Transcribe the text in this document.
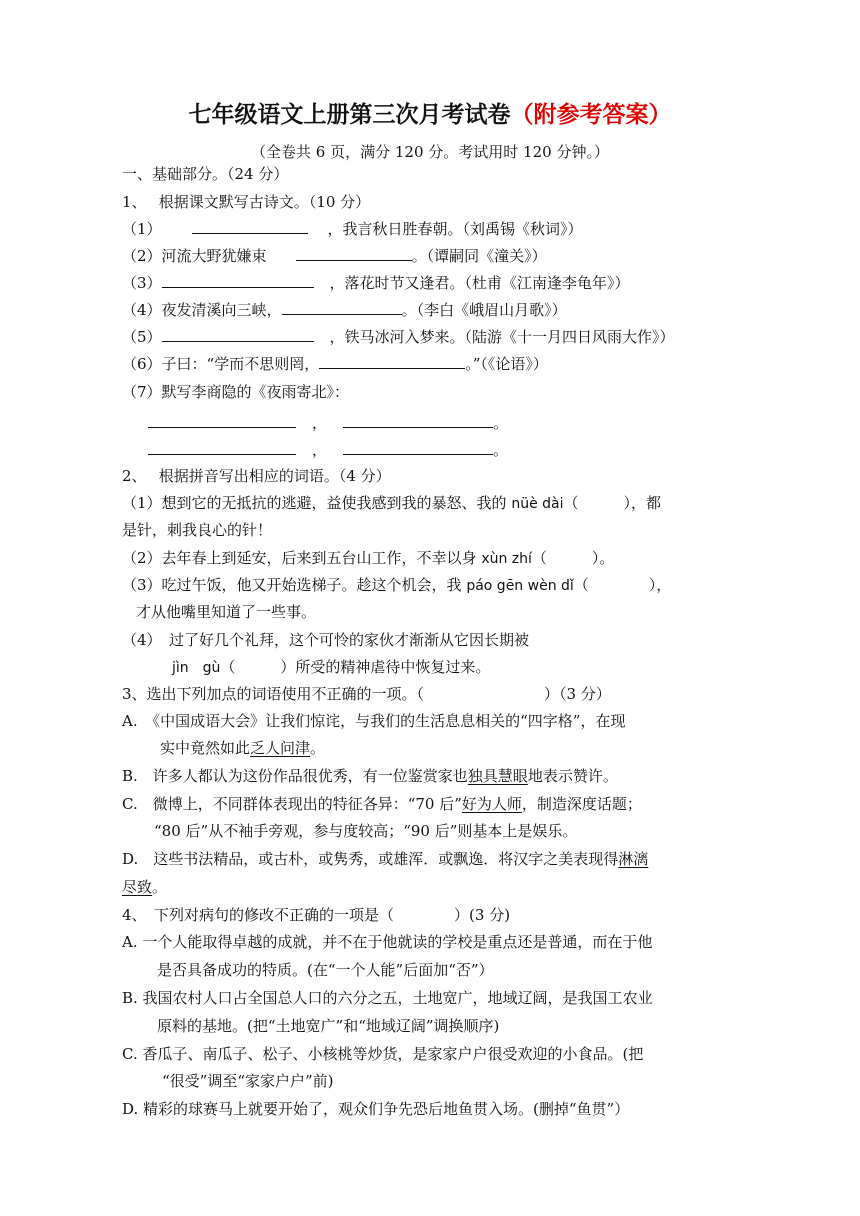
七年级语文上册第三次月考试卷（附参考答案）
（全卷共 6 页，满分 120 分。考试用时 120 分钟。）
一、基础部分。（24 分）
1、　 根据课文默写古诗文。（10 分）
（1）	，我言秋日胜春朝。（刘禹锡《秋词》）
（2）河流大野犹嫌束　	。（谭嗣同《潼关》）
（3）	，落花时节又逢君。（杜甫《江南逢李龟年》）
（4）夜发清溪向三峡，	。（李白《峨眉山月歌》）
（5）	，铁马冰河入梦来。（陆游《十一月四日风雨大作》）
（6）子曰：“学而不思则罔，	。”（《论语》）
（7）默写李商隐的《夜雨寄北》：
，	。
，	。
2、　 根据拼音写出相应的词语。（4 分）
（1）想到它的无抵抗的逃避，益使我感到我的暴怒、我的 nüè dài（　　　），都
是针，刺我良心的针！
（2）去年春上到延安，后来到五台山工作，不幸以身 xùn zhí（　　　）。
（3）吃过午饭，他又开始选梯子。趁这个机会，我 páo gēn wèn dǐ（　　　　），
才从他嘴里知道了一些事。
（4）　过了好几个礼拜，这个可怜的家伙才渐渐从它因长期被
jìn　gù（　　　）所受的精神虐待中恢复过来。
3、选出下列加点的词语使用不正确的一项。（　　　　　　　　）（3 分）
A.　《中国成语大会》让我们惊诧，与我们的生活息息相关的“四字格”，在现
实中竟然如此乏人问津。
B.　许多人都认为这份作品很优秀，有一位鉴赏家也独具慧眼地表示赞许。
C.　微博上，不同群体表现出的特征各异：“70 后”好为人师，制造深度话题；
“80 后”从不袖手旁观，参与度较高；“90 后”则基本上是娱乐。
D.　这些书法精品，或古朴，或隽秀，或雄浑．或飘逸．将汉字之美表现得淋漓
尽致。
4、　下列对病句的修改不正确的一项是（　　　　）(3 分)
A. 一个人能取得卓越的成就，并不在于他就读的学校是重点还是普通，而在于他
是否具备成功的特质。(在“一个人能”后面加“否”）
B. 我国农村人口占全国总人口的六分之五，土地宽广，地域辽阔，是我国工农业
原料的基地。(把“土地宽广”和“地域辽阔”调换顺序)
C. 香瓜子、南瓜子、松子、小核桃等炒货，是家家户户很受欢迎的小食品。(把
“很受”调至“家家户户”前)
D. 精彩的球赛马上就要开始了，观众们争先恐后地鱼贯入场。(删掉“鱼贯”）
